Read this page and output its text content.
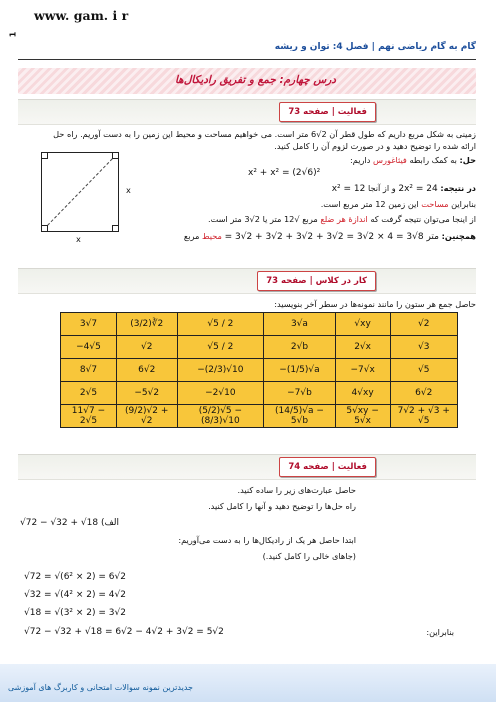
www. gam. i r
1
گام به گام ریاضی نهم | فصل 4: توان و ریشه
درس چهارم: جمع و تفریق رادیکال‌ها
فعالیت | صفحه 73
زمینی به شکل مربع داریم که طول قطر آن 2√6 متر است. می خواهیم مساحت و محیط این زمین را به دست آوریم. راه حل
ارائه شده را توضیح دهید و در صورت لزوم آن را کامل کنید.
x
x
حل: به کمک رابطه فیثاغورس داریم:
x² + x² = (2√6)²
در نتیجه: 2x² = 24 و از آنجا x² = 12
بنابراین مساحت این زمین 12 متر مربع است.
از اینجا می‌توان نتیجه گرفت که اندازهٔ هر ضلع مربع √12 متر یا 2√3 متر است.
همچنین: متر 8√3 = 4 × 2√3 = 2√3 + 2√3 + 2√3 + 2√3 = محیط مربع
کار در کلاس | صفحه 73
حاصل جمع هر ستون را مانند نمونه‌ها در سطر آخر بنویسید:
3√7	(3/2)∛2	√5 / 2	3√a	√xy	√2
−4√5	√2	√5 / 2	2√b	2√x	√3
8√7	6√2	−(2/3)√10	−(1/5)√a	−7√x	√5
2√5	−5√2	−2√10	−7√b	4√xy	6√2
11√7 − 2√5	(9/2)√2 + √2	(5/2)√5 − (8/3)√10	(14/5)√a − 5√b	5√xy − 5√x	7√2 + √3 + √5
فعالیت | صفحه 74
حاصل عبارت‌های زیر را ساده کنید.
راه حل‌ها را توضیح دهید و آنها را کامل کنید.
√72 − √32 + √18 (الف
ابتدا حاصل هر یک از رادیکال‌ها را به دست می‌آوریم:
(جاهای خالی را کامل کنید.)
√72 = √(6² × 2) = 6√2
√32 = √(4² × 2) = 4√2
√18 = √(3² × 2) = 3√2
√72 − √32 + √18 = 6√2 − 4√2 + 3√2 = 5√2	بنابراین:
جدیدترین نمونه سوالات امتحانی و کاربرگ های آموزشی
